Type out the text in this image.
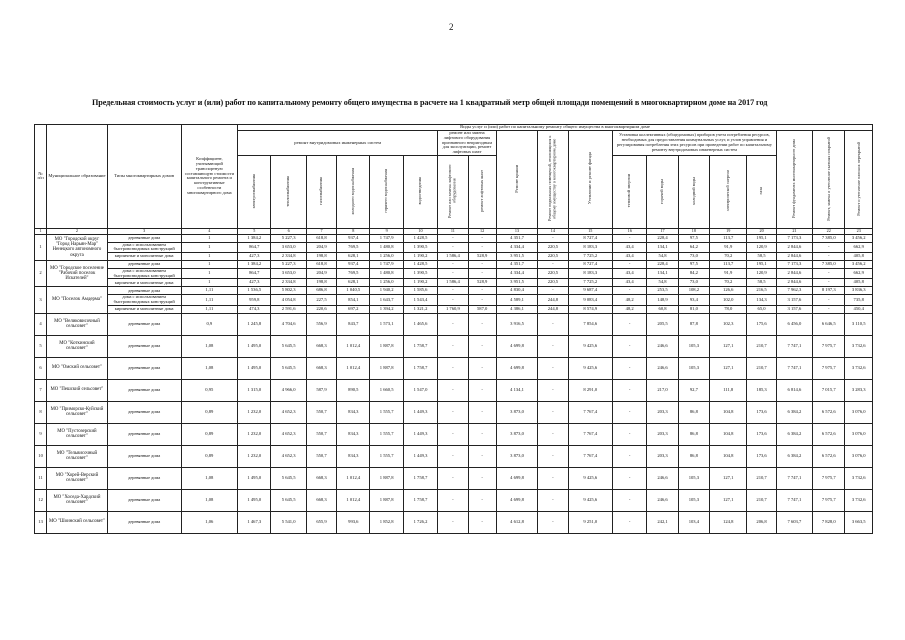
2
Предельная стоимость услуг и (или) работ по капитальному ремонту общего имущества в расчете на 1 квадратный метр общей площади помещений в многоквартирном доме на 2017 год
№ п/п	Муниципальное образование	Типы многоквартирных домов	Коэффициент, учитывающий транспортную составляющую стоимости капитального ремонта и конструктивные особенности многоквартирного дома	Виды услуг и (или) работ по капитальному ремонту общего имущества в многоквартирном доме																		
				ремонт внутридомовых инженерных систем						ремонт или замена лифтового оборудования признанного непригодным для эксплуатации, ремонт лифтовых шахт		Ремонт крыши	Ремонт подвальных помещений, относящихся к общему имуществу в многоквартирном доме	Утепление и ремонт фасада	Установка коллективных (общедомовых) приборов учета потребления ресурсов, необходимых для предоставления коммунальных услуг, и узлов управления и регулирования потребления этих ресурсов при проведении работ по капитальному ремонту внутридомовых инженерных систем					Ремонт фундамента многоквартирного дома	Ремонт, замена и утепление скатных покрытий	Ремонт и утепление плоских перекрытий
				электроснабжения	теплоснабжения	газоснабжения	холодного водоснабжения	горячего водоснабжения	водоотведения	Ремонт или замена лифтового оборудования	ремонт лифтовых шахт				тепловой энергии	горячей воды	холодной воды	электрической энергии	газа			
1	2	3	4	5	6	7	8	9	10	11	12	13	14	15	16	17	18	19	20	21	22	23
1	МО "Городской округ "Город Нарьян-Мар" Ненецкого автономного округа	деревянные дома	1	1 384,2	5 227,3	618,8	937,4	1 747,9	1 428,5	-	-	4 351,7	-	8 727,4	-	228,4	97,5	113,7	195,1	7 173,3	7 385,0	3 456,2
		дома с использованием быстровозводимых конструкций	1	864,7	3 653,0	204,9	769,5	1 480,8	1 390,5	-	-	4 334,4	220,5	8 183,3	43,4	134,1	64,2	91,9	120,9	2 844,6	-	662,9
		кирпичные и монолитные дома	1	427,3	2 334,8	198,8	628,1	1 256,0	1 190,2	1 586,4	528,9	3 951,5	220,5	7 725,2	43,4	54,8	73,0	70,2	58,5	2 844,6	-	405,8
2	МО "Городское поселение "Рабочий поселок Искателей"	деревянные дома	1	1 384,2	5 227,3	618,8	937,4	1 747,9	1 428,5	-	-	4 351,7	-	8 727,4	-	228,4	97,5	113,7	195,1	7 173,3	7 385,0	3 456,2
		дома с использованием быстровозводимых конструкций	1	864,7	3 653,0	204,9	769,5	1 480,8	1 390,5	-	-	4 334,4	220,5	8 183,3	43,4	134,1	84,2	91,9	120,9	2 844,6	-	662,9
		кирпичные и монолитные дома	1	427,3	2 334,8	198,8	628,1	1 256,0	1 190,2	1 586,4	528,9	3 951,5	220,5	7 725,2	43,4	54,8	73,0	70,2	58,5	2 844,6	-	405,8
3	МО "Поселок Амдерма"	деревянные дома	1,11	1 536,5	5 802,3	686,8	1 040,5	1 940,2	1 585,6	-	-	4 830,4	-	9 687,4	-	253,5	108,2	126,6	216,5	7 962,3	8 197,3	3 836,3
		дома с использованием быстровозводимых конструкций	1,11	959,8	4 054,8	227,5	854,1	1 643,7	1 543,4	-	-	4 589,1	244,8	9 083,4	48,2	148,9	93,4	102,0	134,3	3 157,6	-	735,8
		кирпичные и монолитные дома	1,11	474,3	2 591,6	220,6	697,2	1 394,2	1 321,2	1 760,9	587,0	4 386,1	244,8	8 574,9	48,2	60,8	81,0	78,0	65,0	3 157,6	-	450,4
4	МО "Великовисочный сельсовет"	деревянные дома	0,9	1 245,8	4 704,6	556,9	843,7	1 573,1	1 465,6	-	-	3 916,5	-	7 854,6	-	205,5	87,8	102,3	175,6	6 456,0	6 646,5	3 110,5
5	МО "Коткинский сельсовет"	деревянные дома	1,08	1 495,0	5 645,5	668,3	1 012,4	1 887,8	1 758,7	-	-	4 699,8	-	9 425,6	-	246,6	105,3	127,1	210,7	7 747,1	7 975,7	3 732,6
6	МО "Омский сельсовет"	деревянные дома	1,08	1 495,0	5 645,5	668,3	1 012,4	1 887,8	1 758,7	-	-	4 699,8	-	9 425,6	-	246,6	105,3	127,1	210,7	7 747,1	7 975,7	3 732,6
7	МО "Пешский сельсовет"	деревянные дома	0,95	1 315,0	4 966,0	587,9	890,5	1 660,5	1 547,0	-	-	4 134,1	-	8 291,0	-	217,0	92,7	111,8	185,3	6 814,6	7 015,7	3 283,3
8	МО "Приморско-Куйский сельсовет"	деревянные дома	0,89	1 232,0	4 652,3	550,7	834,3	1 555,7	1 449,3	-	-	3 873,0	-	7 767,4	-	203,3	86,8	104,8	173,6	6 384,2	6 572,6	3 076,0
9	МО "Пустозерский сельсовет"	деревянные дома	0,89	1 232,0	4 652,3	550,7	834,3	1 555,7	1 449,3	-	-	3 873,0	-	7 767,4	-	203,3	86,8	104,8	173,6	6 384,2	6 572,6	3 076,0
10	МО "Тельвисочный сельсовет"	деревянные дома	0,89	1 232,0	4 652,3	550,7	834,3	1 555,7	1 449,3	-	-	3 873,0	-	7 767,4	-	203,3	86,8	104,8	173,6	6 384,2	6 572,6	3 076,0
11	МО "Хорей-Верский сельсовет"	деревянные дома	1,08	1 495,0	5 645,5	668,3	1 012,4	1 887,8	1 758,7	-	-	4 699,8	-	9 425,6	-	246,6	105,3	127,1	210,7	7 747,1	7 975,7	3 732,6
12	МО "Хоседа-Хардский сельсовет"	деревянные дома	1,08	1 495,0	5 645,5	668,3	1 012,4	1 887,8	1 758,7	-	-	4 699,8	-	9 425,6	-	246,6	105,3	127,1	210,7	7 747,1	7 975,7	3 732,6
13	МО "Шоинский сельсовет"	деревянные дома	1,06	1 467,3	5 541,0	655,9	993,6	1 852,8	1 726,2	-	-	4 612,8	-	9 251,0	-	242,1	103,4	124,8	206,8	7 603,7	7 828,0	3 663,5
